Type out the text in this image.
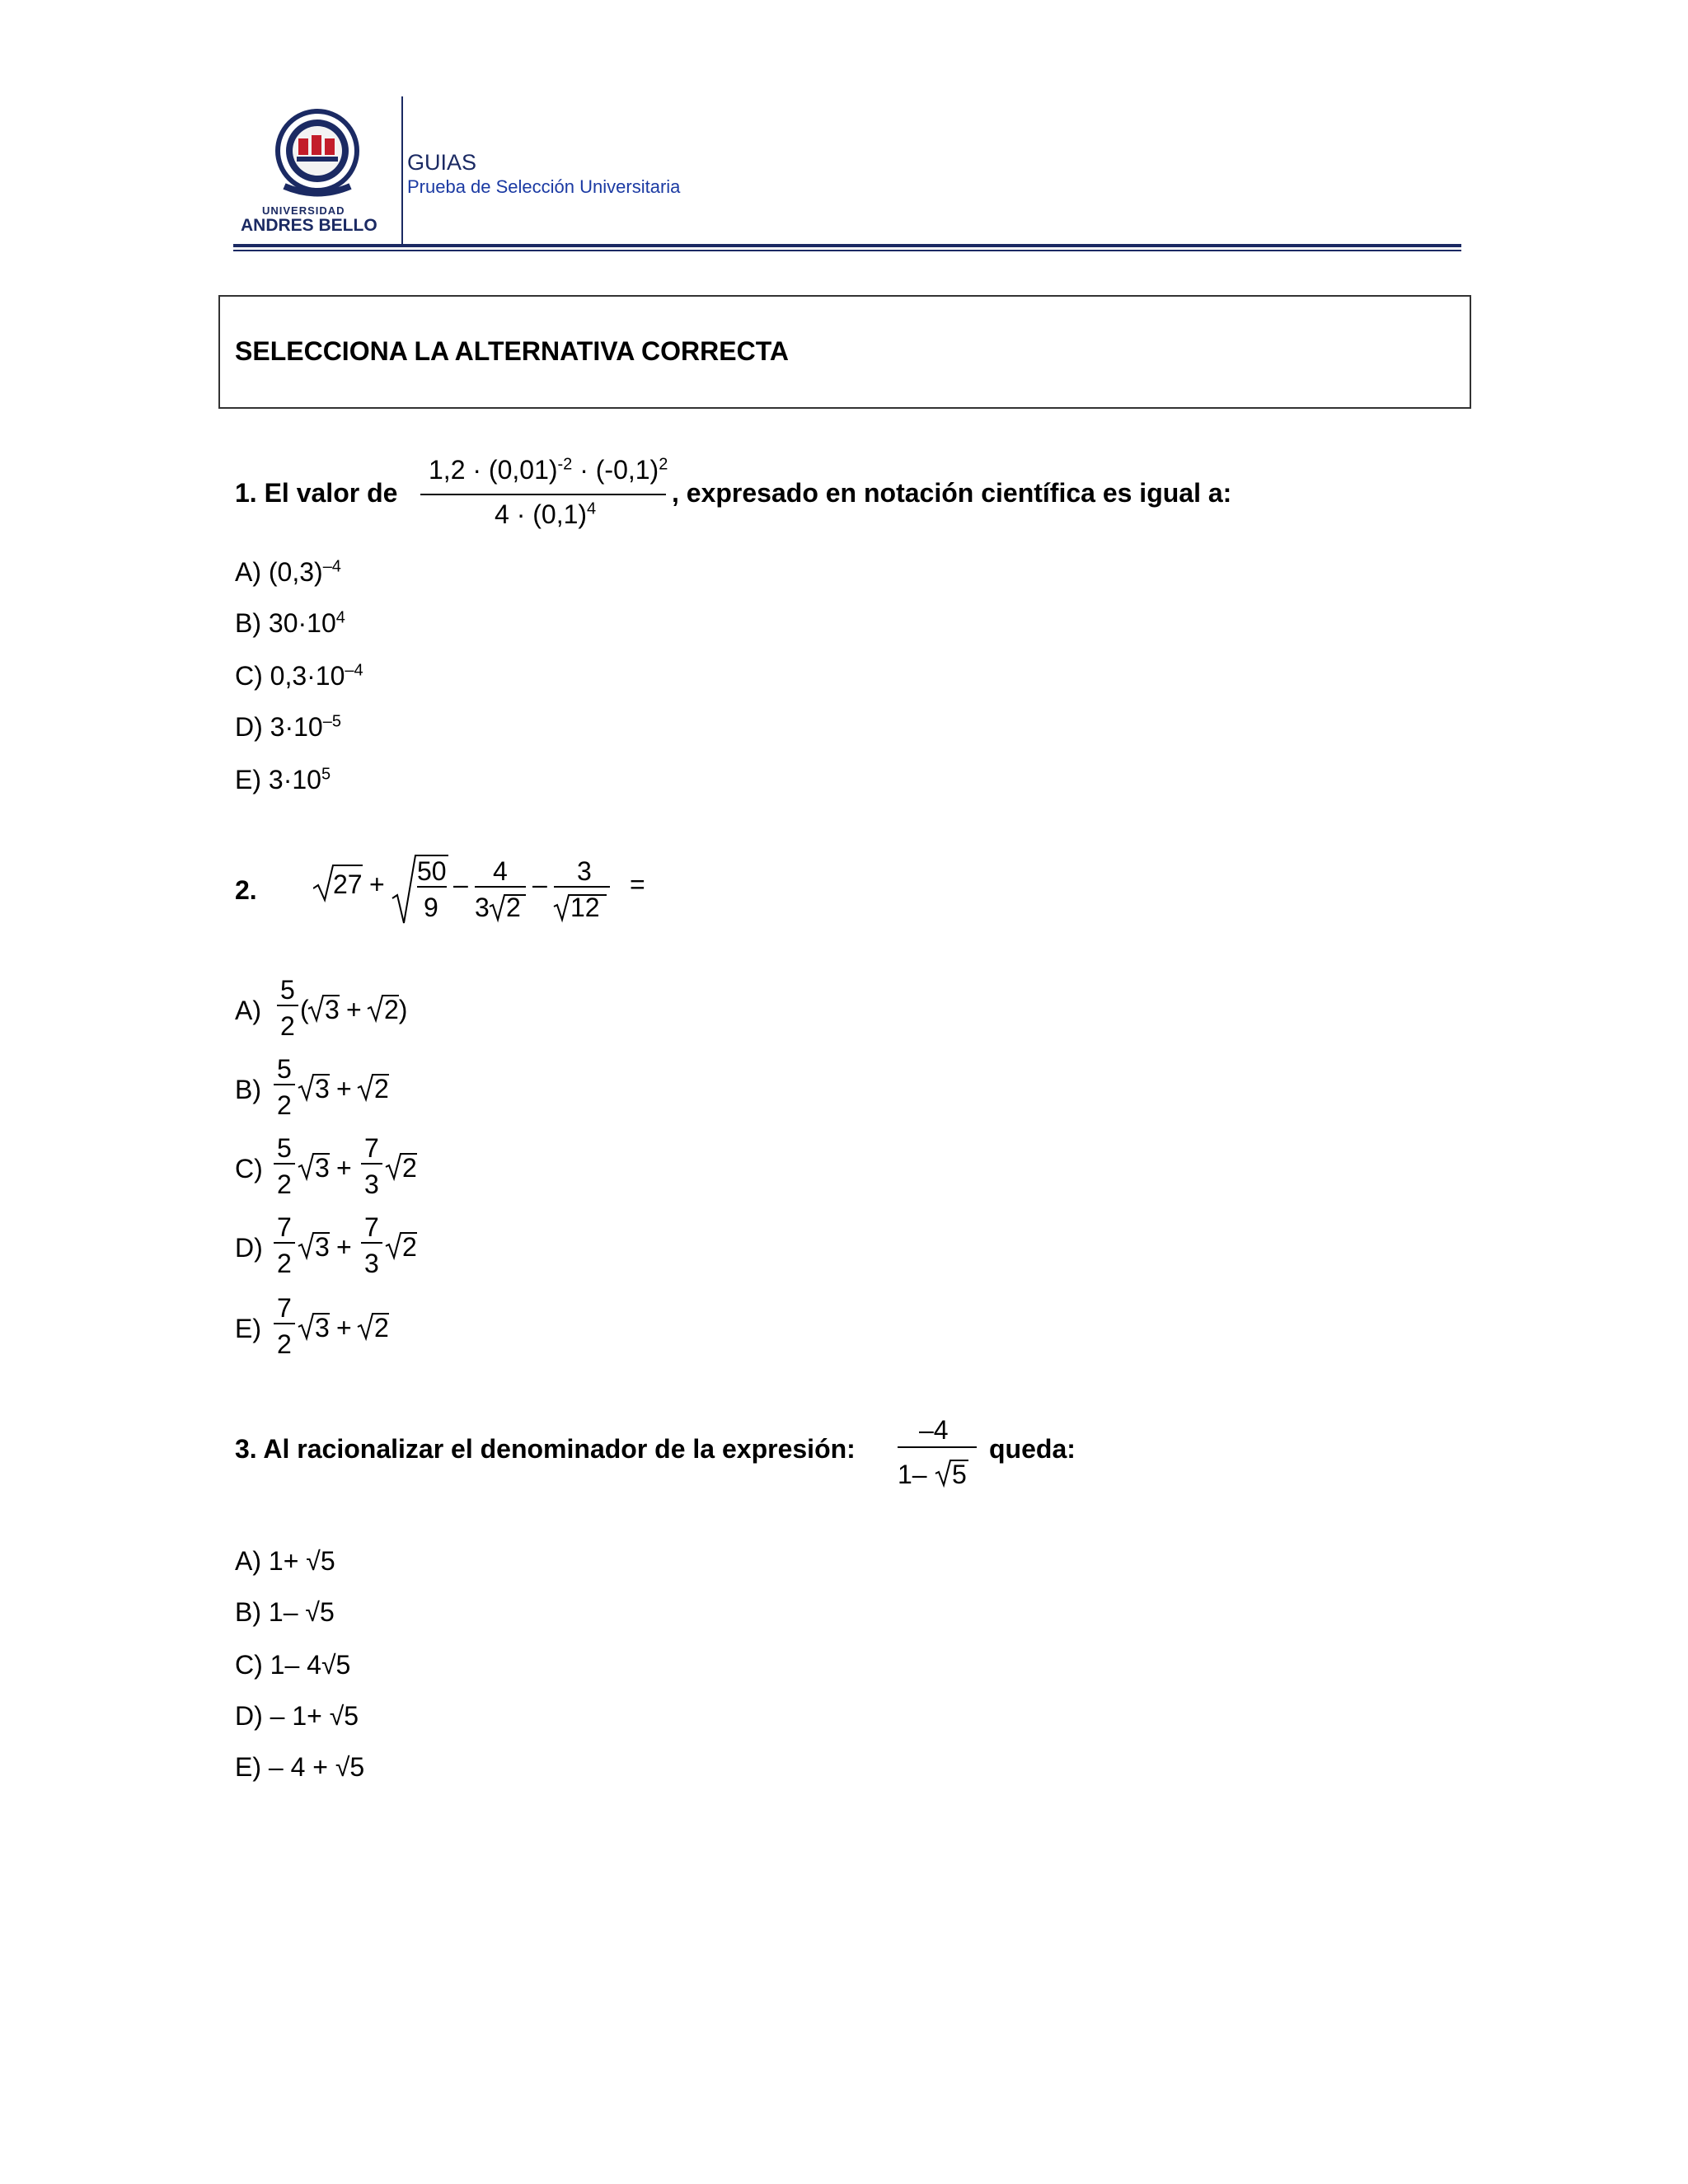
UNIVERSIDAD
ANDRES BELLO
GUIAS
Prueba de Selección Universitaria
SELECCIONA LA ALTERNATIVA CORRECTA
1. El valor de
$1,2 \cdot (0,01)^{-2} \cdot (-0,1)^2$
$4 \cdot (0,1)^4$
, expresado en notación científica es igual a:
A) $(0,3)^{-4}$
B) $30\cdot 10^4$
C) $0,3\cdot 10^{-4}$
D) $3\cdot 10^{-5}$
E) $3\cdot 10^5$
2.	27 + 50
9
– 4
3 2
– 3
12
=
A)
5
2
( 3 + 2)
B)
5
2
3 + 2
C)
5
2
3 +
7
3
2
D)
7
2
3 +
7
3
2
E)
7
2
3 + 2
3. Al racionalizar el denominador de la expresión:
–4
1– 5
queda:
A) 1+ √5
B) 1– √5
C) 1– 4√5
D) – 1+ √5
E) – 4 + √5
